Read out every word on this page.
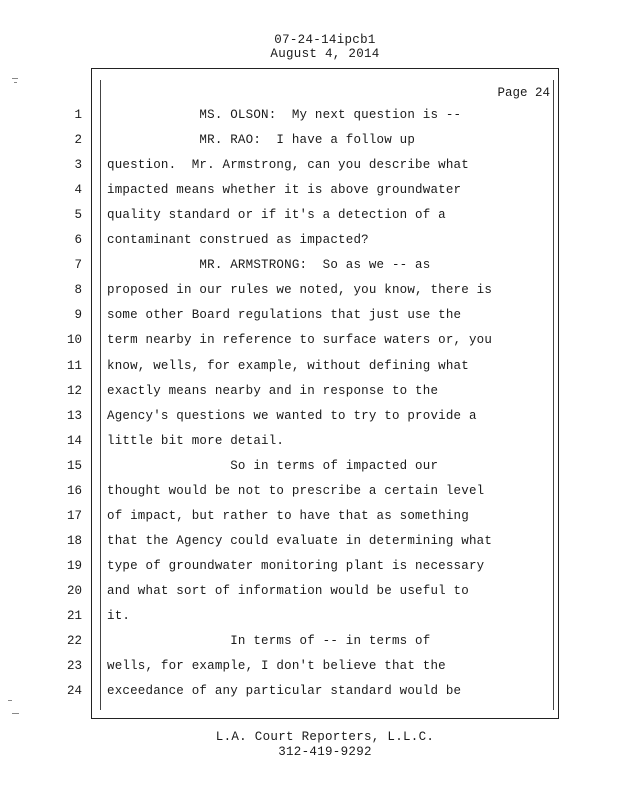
07-24-14ipcb1
August 4, 2014
Page 24
1 MS. OLSON:  My next question is --
2 MR. RAO:  I have a follow up
3 question.  Mr. Armstrong, can you describe what
4 impacted means whether it is above groundwater
5 quality standard or if it's a detection of a
6 contaminant construed as impacted?
7 MR. ARMSTRONG:  So as we -- as
8 proposed in our rules we noted, you know, there is
9 some other Board regulations that just use the
10 term nearby in reference to surface waters or, you
11 know, wells, for example, without defining what
12 exactly means nearby and in response to the
13 Agency's questions we wanted to try to provide a
14 little bit more detail.
15 So in terms of impacted our
16 thought would be not to prescribe a certain level
17 of impact, but rather to have that as something
18 that the Agency could evaluate in determining what
19 type of groundwater monitoring plant is necessary
20 and what sort of information would be useful to
21 it.
22 In terms of -- in terms of
23 wells, for example, I don't believe that the
24 exceedance of any particular standard would be
L.A. Court Reporters, L.L.C.
312-419-9292
